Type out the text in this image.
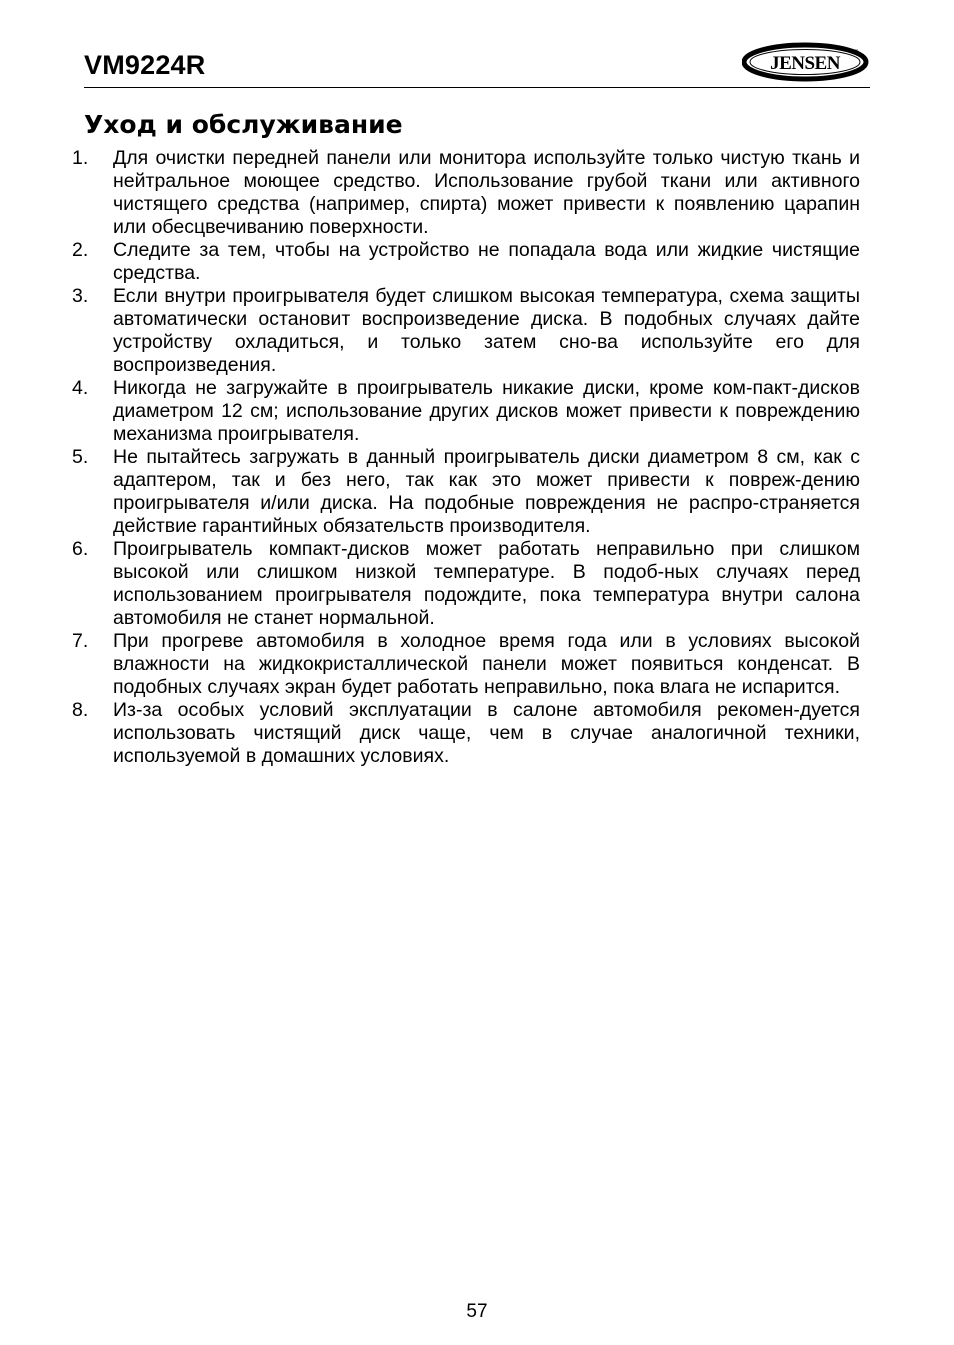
VM9224R	JENSEN ®
Уход и обслуживание
1. Для очистки передней панели или монитора используйте только чистую ткань и нейтральное моющее средство. Использование грубой ткани или активного чистящего средства (например, спирта) может привести к появлению царапин или обесцвечиванию поверхности.
2. Следите за тем, чтобы на устройство не попадала вода или жидкие чистящие средства.
3. Если внутри проигрывателя будет слишком высокая температура, схема защиты автоматически остановит воспроизведение диска. В подобных случаях дайте устройству охладиться, и только затем сно-ва используйте его для воспроизведения.
4. Никогда не загружайте в проигрыватель никакие диски, кроме ком-пакт-дисков диаметром 12 см; использование других дисков может привести к повреждению механизма проигрывателя.
5. Не пытайтесь загружать в данный проигрыватель диски диаметром 8 см, как с адаптером, так и без него, так как это может привести к повреж-дению проигрывателя и/или диска. На подобные повреждения не распро-страняется действие гарантийных обязательств производителя.
6. Проигрыватель компакт-дисков может работать неправильно при слишком высокой или слишком низкой температуре. В подоб-ных случаях перед использованием проигрывателя подождите, пока температура внутри салона автомобиля не станет нормальной.
7. При прогреве автомобиля в холодное время года или в условиях высокой влажности на жидкокристаллической панели может появиться конденсат. В подобных случаях экран будет работать неправильно, пока влага не испарится.
8. Из-за особых условий эксплуатации в салоне автомобиля рекомен-дуется использовать чистящий диск чаще, чем в случае аналогичной техники, используемой в домашних условиях.
57
